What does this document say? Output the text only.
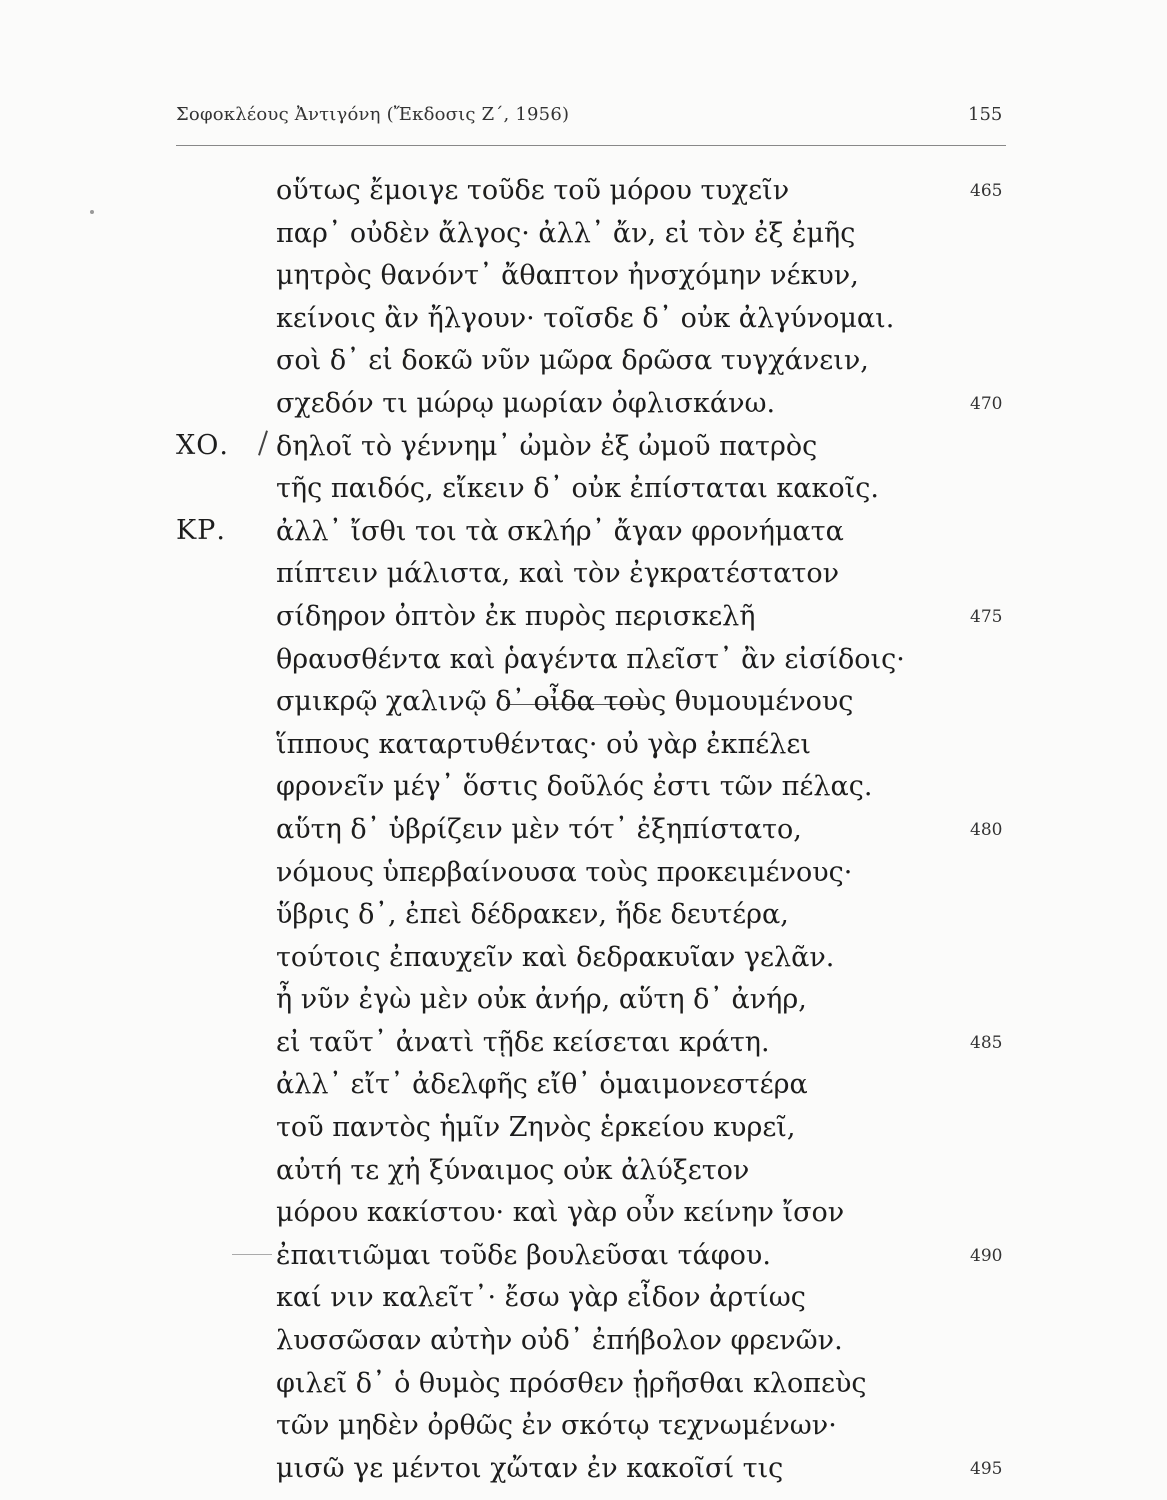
Σοφοκλέους Ἀντιγόνη (Ἔκδοσις Ζ΄, 1956)	155
ΧΟ.
ΚΡ.
465
470
475
480
485
490
495
οὕτως ἔμοιγε τοῦδε τοῦ μόρου τυχεῖν
παρ᾽ οὐδὲν ἄλγος· ἀλλ᾽ ἄν, εἰ τὸν ἐξ ἐμῆς
μητρὸς θανόντ᾽ ἄθαπτον ἠνσχόμην νέκυν,
κείνοις ἂν ἤλγουν· τοῖσδε δ᾽ οὐκ ἀλγύνομαι.
σοὶ δ᾽ εἰ δοκῶ νῦν μῶρα δρῶσα τυγχάνειν,
σχεδόν τι μώρῳ μωρίαν ὀφλισκάνω.
δηλοῖ τὸ γέννημ᾽ ὠμὸν ἐξ ὠμοῦ πατρὸς
τῆς παιδός, εἴκειν δ᾽ οὐκ ἐπίσταται κακοῖς.
ἀλλ᾽ ἴσθι τοι τὰ σκλήρ᾽ ἄγαν φρονήματα
πίπτειν μάλιστα, καὶ τὸν ἐγκρατέστατον
σίδηρον ὀπτὸν ἐκ πυρὸς περισκελῆ
θραυσθέντα καὶ ῥαγέντα πλεῖστ᾽ ἂν εἰσίδοις·
σμικρῷ χαλινῷ δ᾽ οἶδα τοὺς θυμουμένους
ἵππους καταρτυθέντας· οὐ γὰρ ἐκπέλει
φρονεῖν μέγ᾽ ὅστις δοῦλός ἐστι τῶν πέλας.
αὕτη δ᾽ ὑβρίζειν μὲν τότ᾽ ἐξηπίστατο,
νόμους ὑπερβαίνουσα τοὺς προκειμένους·
ὕβρις δ᾽, ἐπεὶ δέδρακεν, ἥδε δευτέρα,
τούτοις ἐπαυχεῖν καὶ δεδρακυῖαν γελᾶν.
ἦ νῦν ἐγὼ μὲν οὐκ ἀνήρ, αὕτη δ᾽ ἀνήρ,
εἰ ταῦτ᾽ ἀνατὶ τῇδε κείσεται κράτη.
ἀλλ᾽ εἴτ᾽ ἀδελφῆς εἴθ᾽ ὁμαιμονεστέρα
τοῦ παντὸς ἡμῖν Ζηνὸς ἑρκείου κυρεῖ,
αὐτή τε χἠ ξύναιμος οὐκ ἀλύξετον
μόρου κακίστου· καὶ γὰρ οὖν κείνην ἴσον
ἐπαιτιῶμαι τοῦδε βουλεῦσαι τάφου.
καί νιν καλεῖτ᾽· ἔσω γὰρ εἶδον ἀρτίως
λυσσῶσαν αὐτὴν οὐδ᾽ ἐπήβολον φρενῶν.
φιλεῖ δ᾽ ὁ θυμὸς πρόσθεν ᾑρῆσθαι κλοπεὺς
τῶν μηδὲν ὀρθῶς ἐν σκότῳ τεχνωμένων·
μισῶ γε μέντοι χὤταν ἐν κακοῖσί τις
